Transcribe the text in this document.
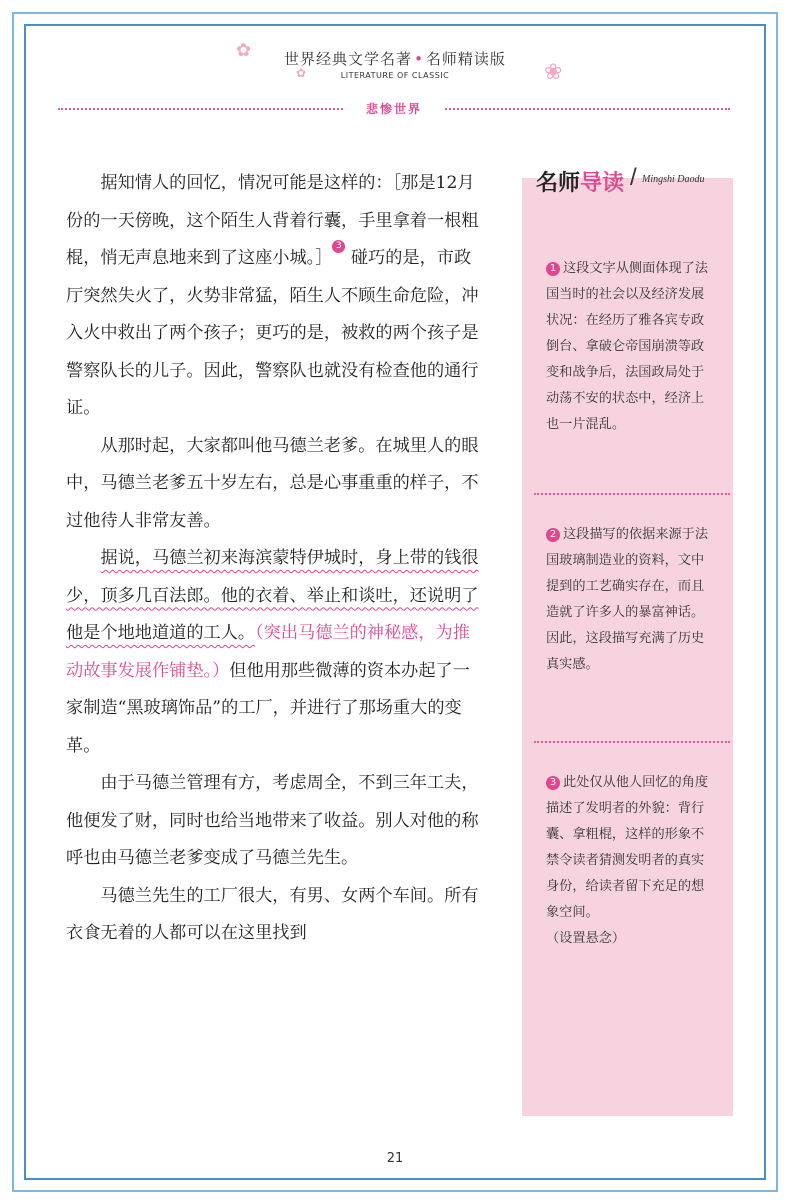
✿
✿	❀
世界经典文学名著 • 名师精读版
LITERATURE OF CLASSIC
悲惨世界

据知情人的回忆，情况可能是这样的：［那是12月份的一天傍晚，这个陌生人背着行囊，手里拿着一根粗棍，悄无声息地来到了这座小城。］3 碰巧的是，市政厅突然失火了，火势非常猛，陌生人不顾生命危险，冲入火中救出了两个孩子；更巧的是，被救的两个孩子是警察队长的儿子。因此，警察队也就没有检查他的通行证。

从那时起，大家都叫他马德兰老爹。在城里人的眼中，马德兰老爹五十岁左右，总是心事重重的样子，不过他待人非常友善。

据说，马德兰初来海滨蒙特伊城时，身上带的钱很少，顶多几百法郎。他的衣着、举止和谈吐，还说明了他是个地地道道的工人。（突出马德兰的神秘感，为推动故事发展作铺垫。）但他用那些微薄的资本办起了一家制造“黑玻璃饰品”的工厂，并进行了那场重大的变革。

由于马德兰管理有方，考虑周全，不到三年工夫，他便发了财，同时也给当地带来了收益。别人对他的称呼也由马德兰老爹变成了马德兰先生。

马德兰先生的工厂很大，有男、女两个车间。所有衣食无着的人都可以在这里找到

名师导读 / Mingshi Daodu
1 这段文字从侧面体现了法国当时的社会以及经济发展状况：在经历了雅各宾专政倒台、拿破仑帝国崩溃等政变和战争后，法国政局处于动荡不安的状态中，经济上也一片混乱。
2 这段描写的依据来源于法国玻璃制造业的资料，文中提到的工艺确实存在，而且造就了许多人的暴富神话。因此，这段描写充满了历史真实感。
3 此处仅从他人回忆的角度描述了发明者的外貌：背行囊、拿粗棍，这样的形象不禁令读者猜测发明者的真实身份，给读者留下充足的想象空间。
（设置悬念）
21
